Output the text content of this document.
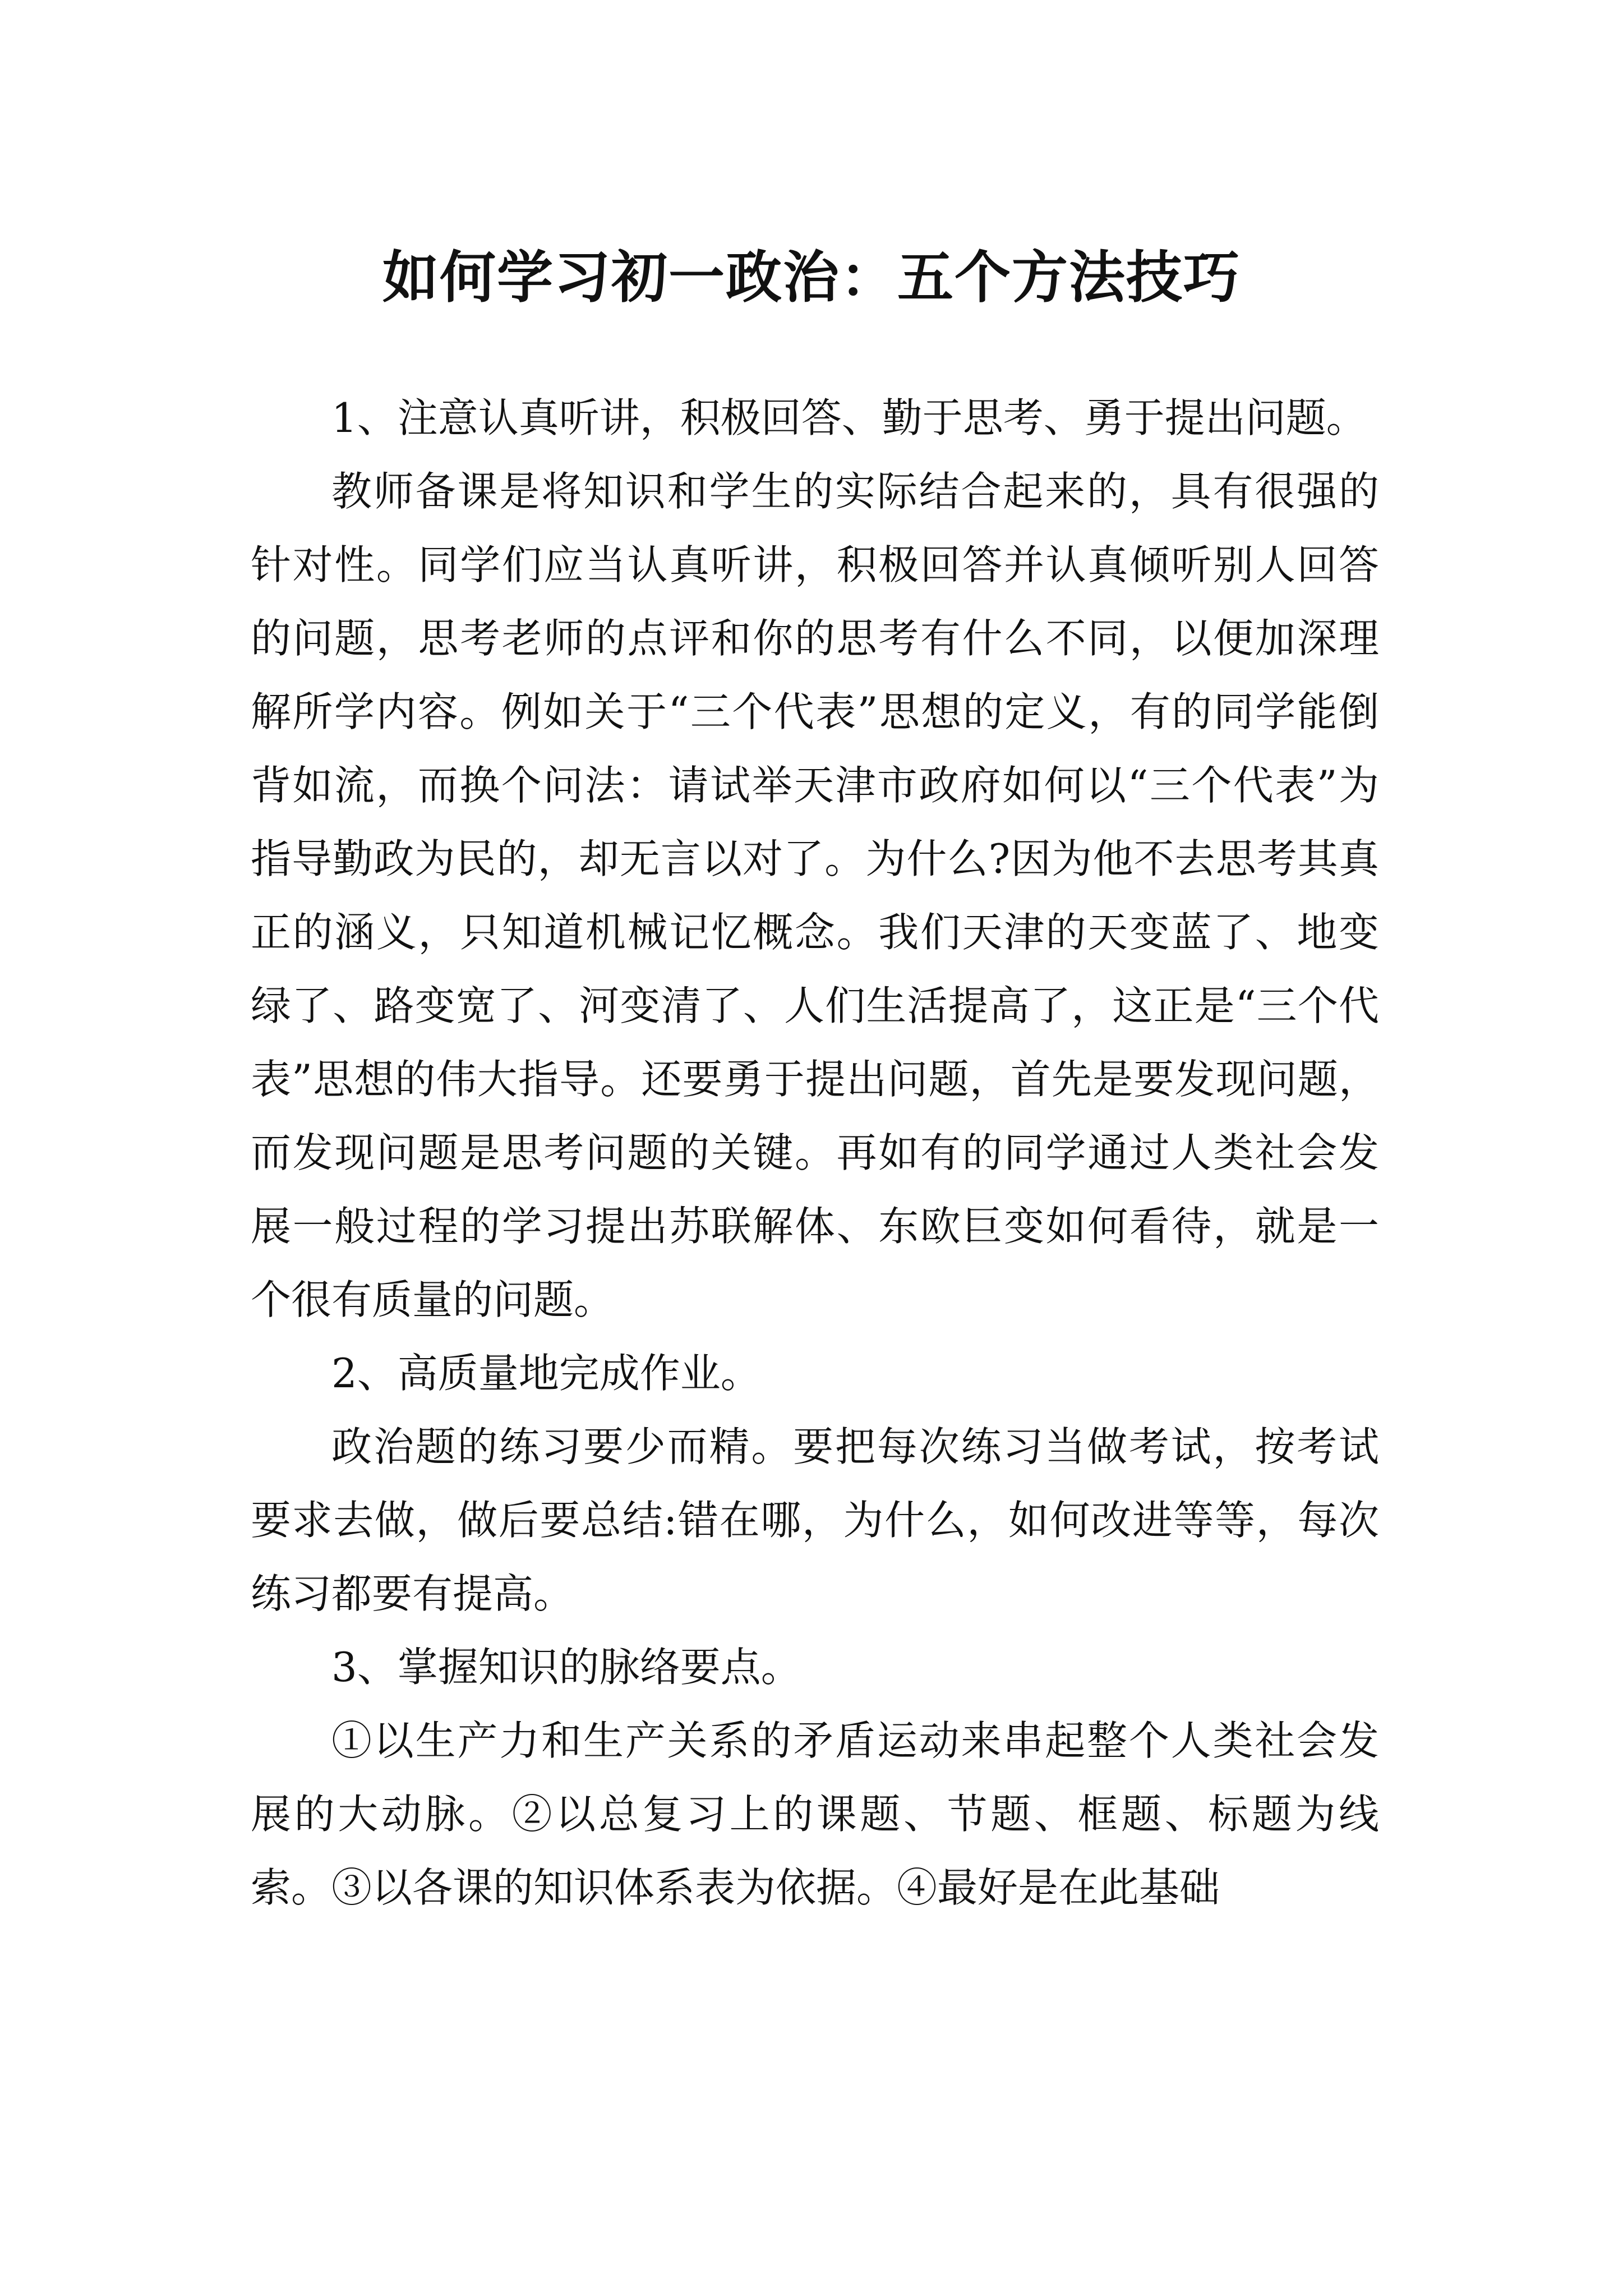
如何学习初一政治：五个方法技巧

1、注意认真听讲，积极回答、勤于思考、勇于提出问题。

教师备课是将知识和学生的实际结合起来的，具有很强的针对性。同学们应当认真听讲，积极回答并认真倾听别人回答的问题，思考老师的点评和你的思考有什么不同，以便加深理解所学内容。例如关于“三个代表”思想的定义，有的同学能倒背如流，而换个问法：请试举天津市政府如何以“三个代表”为指导勤政为民的，却无言以对了。为什么?因为他不去思考其真正的涵义，只知道机械记忆概念。我们天津的天变蓝了、地变绿了、路变宽了、河变清了、人们生活提高了，这正是“三个代表”思想的伟大指导。还要勇于提出问题，首先是要发现问题，而发现问题是思考问题的关键。再如有的同学通过人类社会发展一般过程的学习提出苏联解体、东欧巨变如何看待，就是一个很有质量的问题。

2、高质量地完成作业。

政治题的练习要少而精。要把每次练习当做考试，按考试要求去做，做后要总结:错在哪，为什么，如何改进等等，每次练习都要有提高。

3、掌握知识的脉络要点。

①以生产力和生产关系的矛盾运动来串起整个人类社会发展的大动脉。②以总复习上的课题、节题、框题、标题为线索。③以各课的知识体系表为依据。④最好是在此基础
